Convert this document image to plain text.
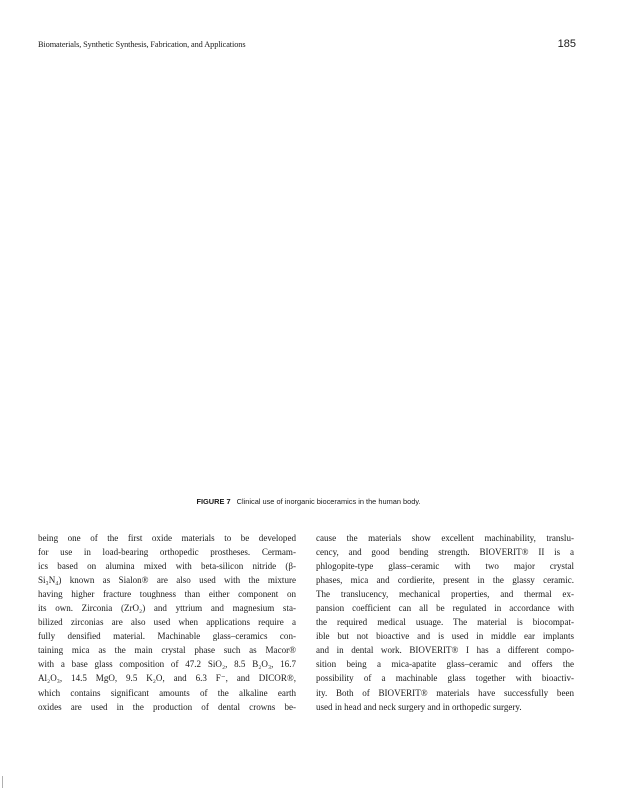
Biomaterials, Synthetic Synthesis, Fabrication, and Applications	185
FIGURE 7 Clinical use of inorganic bioceramics in the human body.
being one of the first oxide materials to be developed
for use in load-bearing orthopedic prostheses. Cermam-
ics based on alumina mixed with beta-silicon nitride (β-
Si₃N₄) known as Sialon® are also used with the mixture
having higher fracture toughness than either component on
its own. Zirconia (ZrO₂) and yttrium and magnesium sta-
bilized zirconias are also used when applications require a
fully densified material. Machinable glass–ceramics con-
taining mica as the main crystal phase such as Macor®
with a base glass composition of 47.2 SiO₂, 8.5 B₂O₃, 16.7
Al₂O₃, 14.5 MgO, 9.5 K₂O, and 6.3 F⁻, and DICOR®,
which contains significant amounts of the alkaline earth
oxides are used in the production of dental crowns be-
cause the materials show excellent machinability, translu-
cency, and good bending strength. BIOVERIT® II is a
phlogopite-type glass–ceramic with two major crystal
phases, mica and cordierite, present in the glassy ceramic.
The translucency, mechanical properties, and thermal ex-
pansion coefficient can all be regulated in accordance with
the required medical usuage. The material is biocompat-
ible but not bioactive and is used in middle ear implants
and in dental work. BIOVERIT® I has a different compo-
sition being a mica-apatite glass–ceramic and offers the
possibility of a machinable glass together with bioactiv-
ity. Both of BIOVERIT® materials have successfully been
used in head and neck surgery and in orthopedic surgery.
